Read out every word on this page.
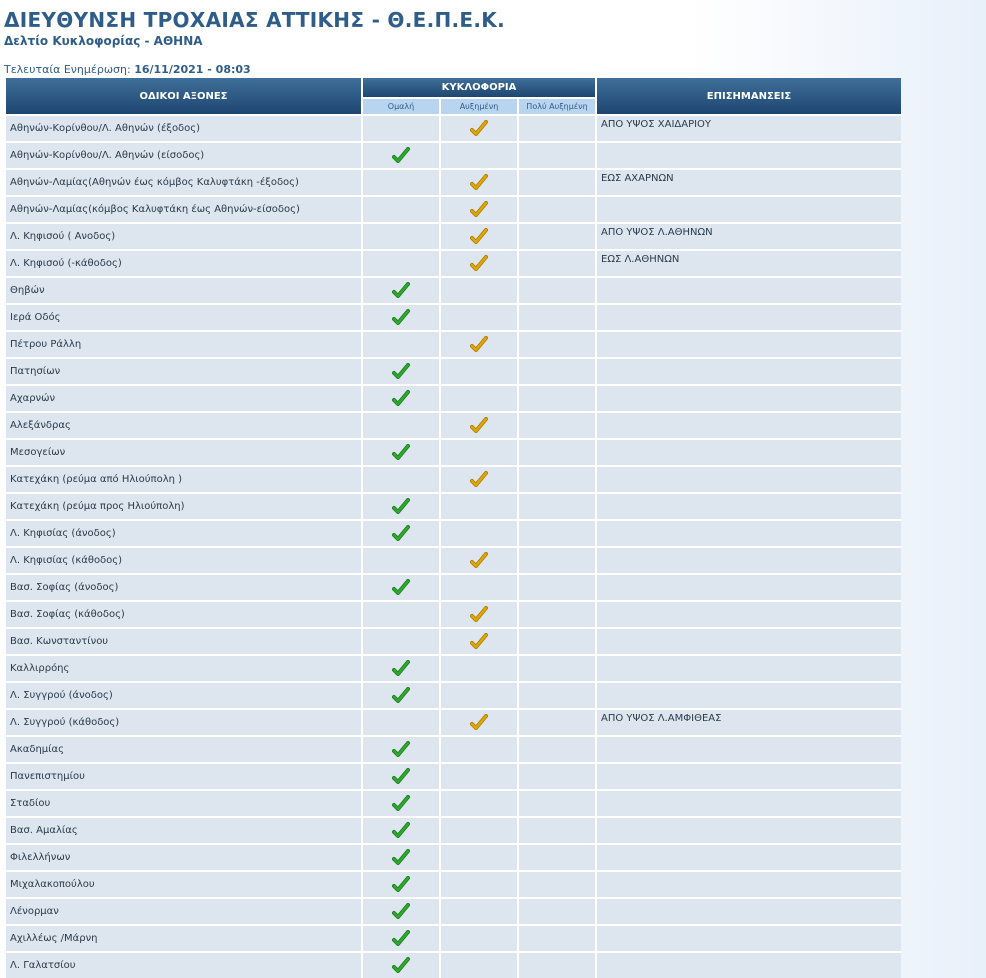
ΔΙΕΥΘΥΝΣΗ ΤΡΟΧΑΙΑΣ ΑΤΤΙΚΗΣ - Θ.Ε.Π.Ε.Κ.
Δελτίο Κυκλοφορίας - ΑΘΗΝΑ
Τελευταία Ενημέρωση: 16/11/2021 - 08:03
ΟΔΙΚΟΙ ΑΞΟΝΕΣ	ΚΥΚΛΟΦΟΡΙΑ			ΕΠΙΣΗΜΑΝΣΕΙΣ
	Ομαλή	Αυξημένη	Πολύ Αυξημένη	
Αθηνών-Κορίνθου/Λ. Αθηνών (έξοδος)				ΑΠΟ ΥΨΟΣ ΧΑΙΔΑΡΙΟΥ
Αθηνών-Κορίνθου/Λ. Αθηνών (είσοδος)				
Αθηνών-Λαμίας(Αθηνών έως κόμβος Καλυφτάκη -έξοδος)				ΕΩΣ ΑΧΑΡΝΩΝ
Αθηνών-Λαμίας(κόμβος Καλυφτάκη έως Αθηνών-είσοδος)				
Λ. Κηφισού ( Ανοδος)				ΑΠΟ ΥΨΟΣ Λ.ΑΘΗΝΩΝ
Λ. Κηφισού (-κάθοδος)				ΕΩΣ Λ.ΑΘΗΝΩΝ
Θηβών				
Ιερά Οδός				
Πέτρου Ράλλη				
Πατησίων				
Αχαρνών				
Αλεξάνδρας				
Μεσογείων				
Κατεχάκη (ρεύμα από Ηλιούπολη )				
Κατεχάκη (ρεύμα προς Ηλιούπολη)				
Λ. Κηφισίας (άνοδος)				
Λ. Κηφισίας (κάθοδος)				
Βασ. Σοφίας (άνοδος)				
Βασ. Σοφίας (κάθοδος)				
Βασ. Κωνσταντίνου				
Καλλιρρόης				
Λ. Συγγρού (άνοδος)				
Λ. Συγγρού (κάθοδος)				ΑΠΟ ΥΨΟΣ Λ.ΑΜΦΙΘΕΑΣ
Ακαδημίας				
Πανεπιστημίου				
Σταδίου				
Βασ. Αμαλίας				
Φιλελλήνων				
Μιχαλακοπούλου				
Λένορμαν				
Αχιλλέως /Μάρνη				
Λ. Γαλατσίου				
